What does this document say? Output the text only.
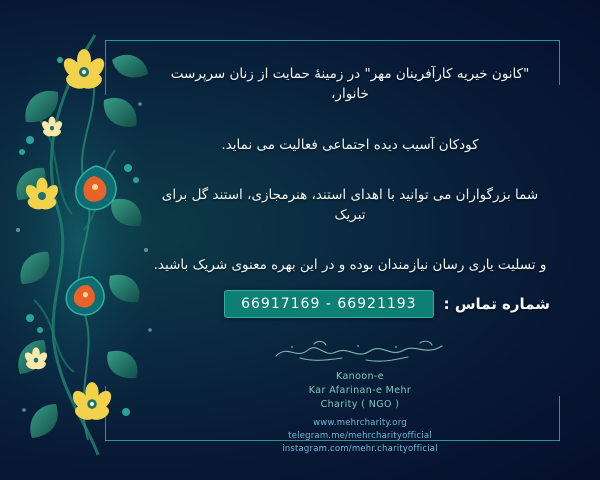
"کانون خیریه کارآفرینان مهر" در زمینهٔ حمایت از زنان سرپرست خانوار،

کودکان آسیب دیده اجتماعی فعالیت می نماید.

شما بزرگواران می توانید با اهدای استند، هنرمجازی، استند گل برای تبریک

و تسلیت یاری رسان نیازمندان بوده و در این بهره معنوی شریک باشید.

شماره تماس :
66921193 - 66917169
Kanoon-e
Kar Afarinan-e Mehr
Charity ( NGO )
www.mehrcharity.org
telegram.me/mehrcharityofficial
instagram.com/mehr.charityofficial
